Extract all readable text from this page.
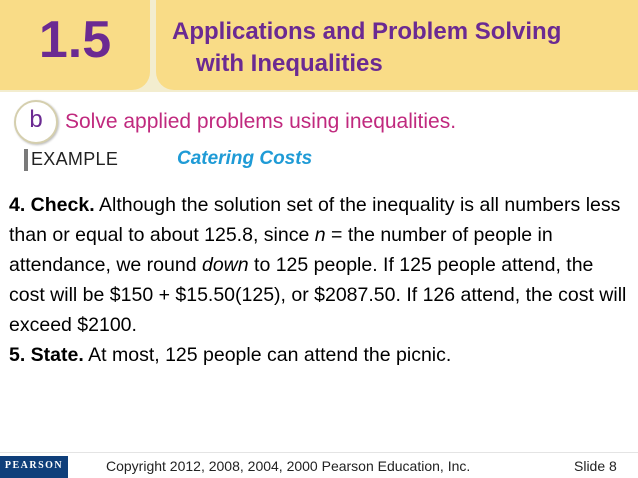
1.5	Applications and Problem Solving
with Inequalities
b	Solve applied problems using inequalities.
EXAMPLE	Catering Costs

4. Check. Although the solution set of the inequality is all numbers less than or equal to about 125.8, since n = the number of people in attendance, we round down to 125 people. If 125 people attend, the cost will be $150 + $15.50(125), or $2087.50. If 126 attend, the cost will exceed $2100.

5. State. At most, 125 people can attend the picnic.

PEARSON	Copyright 2012, 2008, 2004, 2000 Pearson Education, Inc.	Slide 8
